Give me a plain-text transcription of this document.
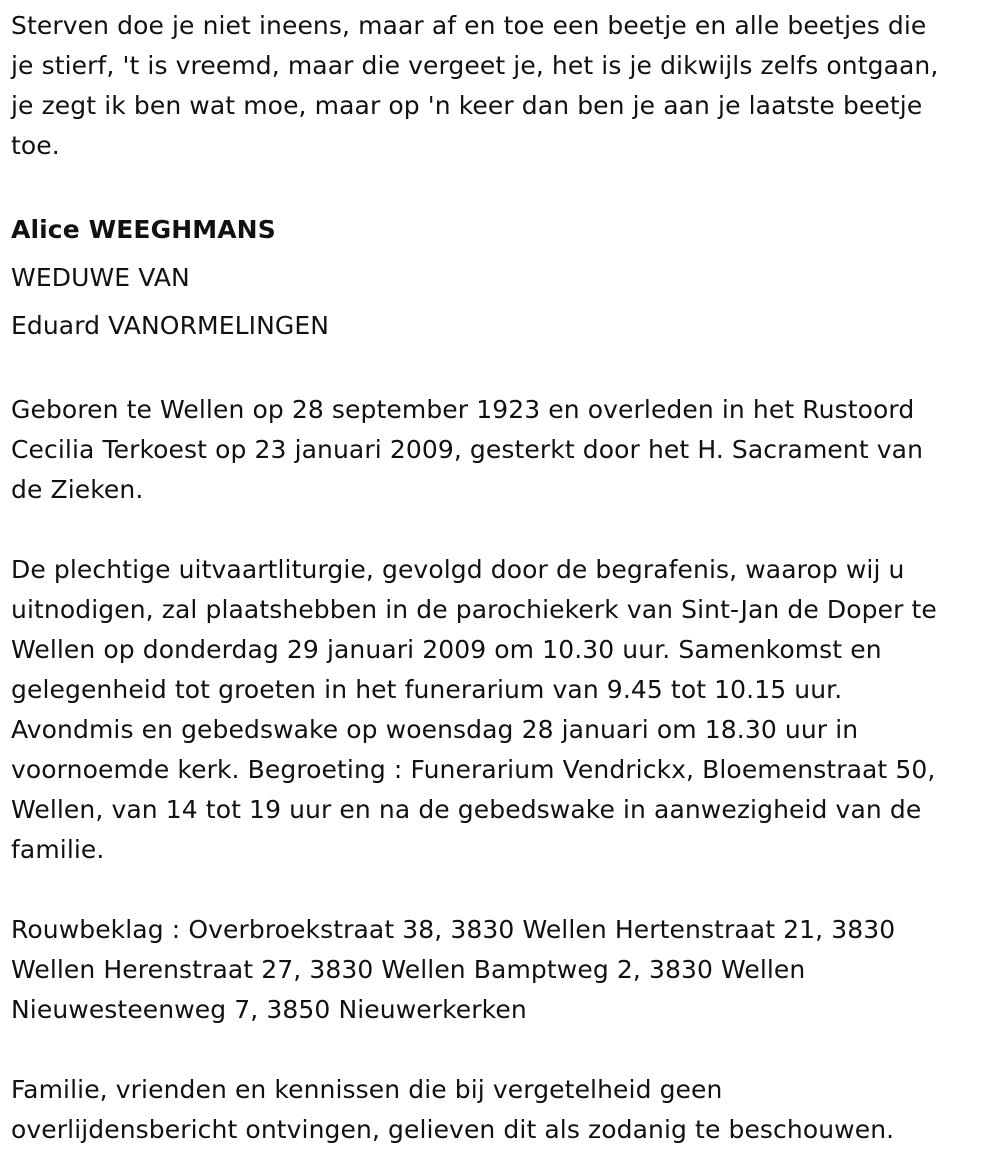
Sterven doe je niet ineens, maar af en toe een beetje en alle beetjes die
je stierf, 't is vreemd, maar die vergeet je, het is je dikwijls zelfs ontgaan,
je zegt ik ben wat moe, maar op 'n keer dan ben je aan je laatste beetje
toe.
Alice WEEGHMANS
WEDUWE VAN
Eduard VANORMELINGEN
Geboren te Wellen op 28 september 1923 en overleden in het Rustoord
Cecilia Terkoest op 23 januari 2009, gesterkt door het H. Sacrament van
de Zieken.
De plechtige uitvaartliturgie, gevolgd door de begrafenis, waarop wij u
uitnodigen, zal plaatshebben in de parochiekerk van Sint-Jan de Doper te
Wellen op donderdag 29 januari 2009 om 10.30 uur. Samenkomst en
gelegenheid tot groeten in het funerarium van 9.45 tot 10.15 uur.
Avondmis en gebedswake op woensdag 28 januari om 18.30 uur in
voornoemde kerk. Begroeting : Funerarium Vendrickx, Bloemenstraat 50,
Wellen, van 14 tot 19 uur en na de gebedswake in aanwezigheid van de
familie.
Rouwbeklag : Overbroekstraat 38, 3830 Wellen Hertenstraat 21, 3830
Wellen Herenstraat 27, 3830 Wellen Bamptweg 2, 3830 Wellen
Nieuwesteenweg 7, 3850 Nieuwerkerken
Familie, vrienden en kennissen die bij vergetelheid geen
overlijdensbericht ontvingen, gelieven dit als zodanig te beschouwen.
